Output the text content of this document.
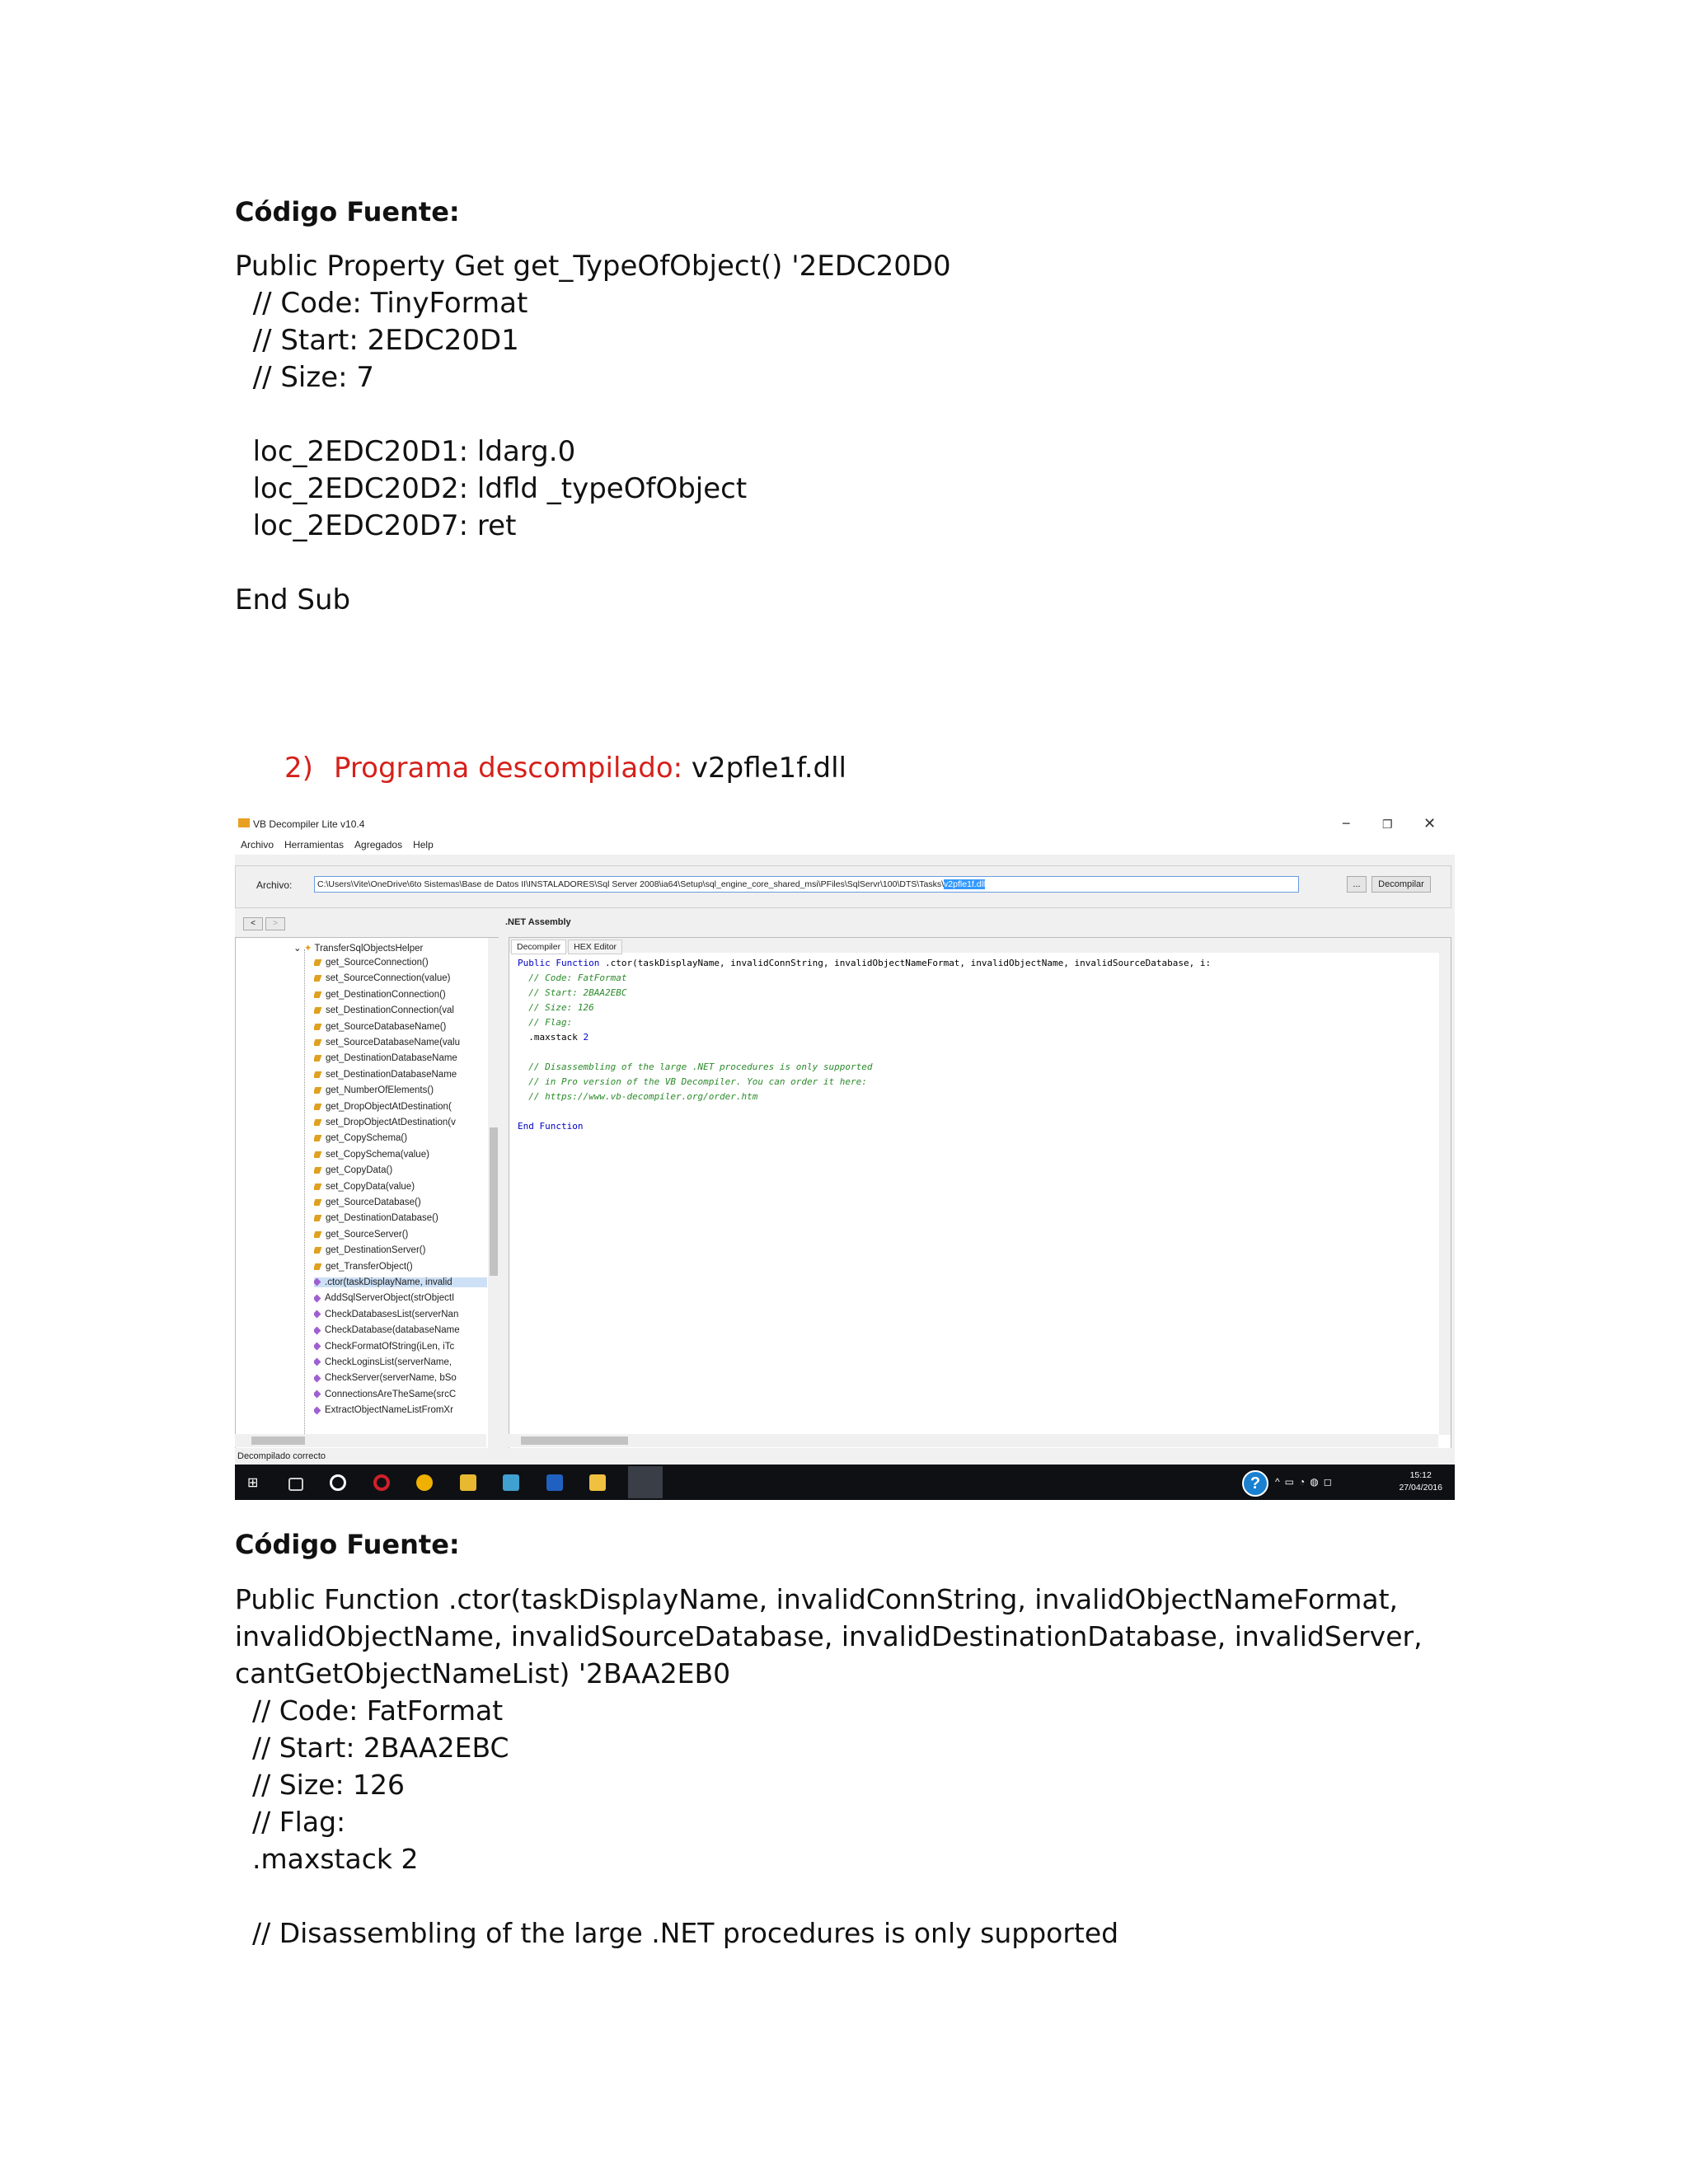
Código Fuente:
Public Property Get get_TypeOfObject() '2EDC20D0
// Code: TinyFormat
// Start: 2EDC20D1
// Size: 7
loc_2EDC20D1: ldarg.0
loc_2EDC20D2: ldfld _typeOfObject
loc_2EDC20D7: ret
End Sub
2) Programa descompilado: v2pfle1f.dll
VB Decompiler Lite v10.4	−	❐ ✕
Archivo Herramientas Agregados Help
Archivo:	C:\Users\Vite\OneDrive\6to Sistemas\Base de Datos II\INSTALADORES\Sql Server 2008\ia64\Setup\sql_engine_core_shared_msi\PFiles\SqlServr\100\DTS\Tasks\v2pfle1f.dll	...	Decompilar
<	>	.NET Assembly
⌄ ✦ TransferSqlObjectsHelper
get_SourceConnection()
set_SourceConnection(value)
get_DestinationConnection()
set_DestinationConnection(val
get_SourceDatabaseName()
set_SourceDatabaseName(valu
get_DestinationDatabaseName
set_DestinationDatabaseName
get_NumberOfElements()
get_DropObjectAtDestination(
set_DropObjectAtDestination(v
get_CopySchema()
set_CopySchema(value)
get_CopyData()
set_CopyData(value)
get_SourceDatabase()
get_DestinationDatabase()
get_SourceServer()
get_DestinationServer()
get_TransferObject()
.ctor(taskDisplayName, invalid
AddSqlServerObject(strObjectI
CheckDatabasesList(serverNan
CheckDatabase(databaseName
CheckFormatOfString(iLen, iTc
CheckLoginsList(serverName,
CheckServer(serverName, bSo
ConnectionsAreTheSame(srcC
ExtractObjectNameListFromXr
Decompiler HEX Editor
Public Function .ctor(taskDisplayName, invalidConnString, invalidObjectNameFormat, invalidObjectName, invalidSourceDatabase, i:
// Code: FatFormat
// Start: 2BAA2EBC
// Size: 126
// Flag:
.maxstack 2

// Disassembling of the large .NET procedures is only supported
// in Pro version of the VB Decompiler. You can order it here:
// https://www.vb-decompiler.org/order.htm

End Function
Decompilado correcto
⊞	?	^▭◔◍◻
15:12
27/04/2016
Código Fuente:
Public Function .ctor(taskDisplayName, invalidConnString, invalidObjectNameFormat,
invalidObjectName, invalidSourceDatabase, invalidDestinationDatabase, invalidServer,
cantGetObjectNameList) '2BAA2EB0
// Code: FatFormat
// Start: 2BAA2EBC
// Size: 126
// Flag:
.maxstack 2
// Disassembling of the large .NET procedures is only supported
